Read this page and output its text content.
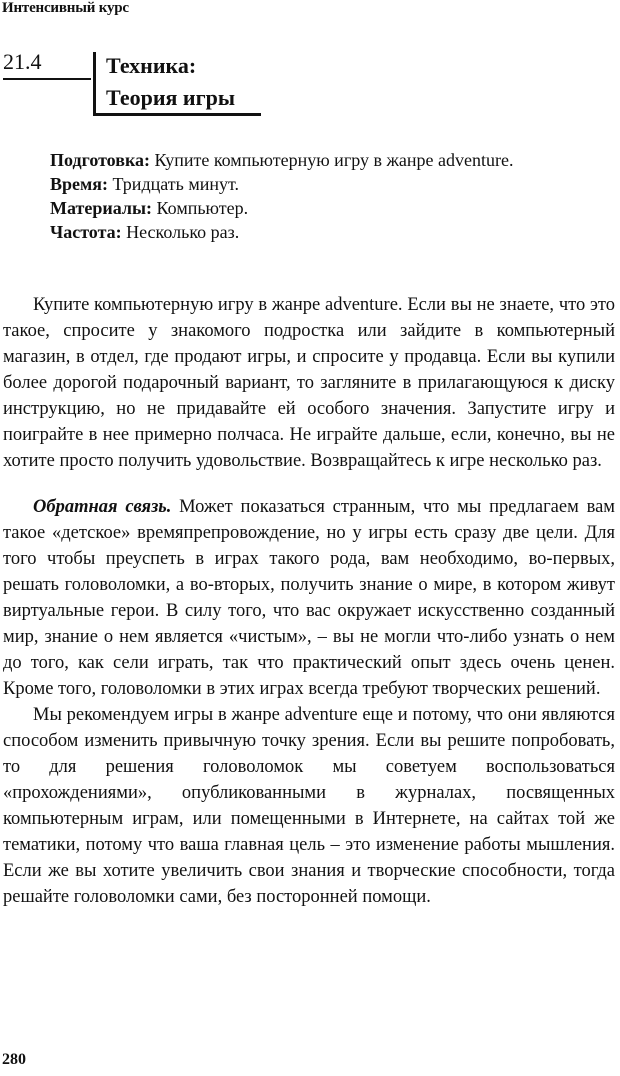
Интенсивный курс
21.4	Техника:
Теория игры
Подготовка: Купите компьютерную игру в жанре adventure.
Время: Тридцать минут.
Материалы: Компьютер.
Частота: Несколько раз.

Купите компьютерную игру в жанре adventure. Если вы не знаете, что это такое, спросите у знакомого подростка или зайдите в компьютерный магазин, в отдел, где продают игры, и спросите у продавца. Если вы купили более дорогой подарочный вариант, то загляните в прилагающуюся к диску инструкцию, но не придавайте ей особого значения. Запустите игру и поиграйте в нее примерно полчаса. Не играйте дальше, если, конечно, вы не хотите просто получить удовольствие. Возвращайтесь к игре несколько раз.

Обратная связь. Может показаться странным, что мы предлагаем вам такое «детское» времяпрепровождение, но у игры есть сразу две цели. Для того чтобы преуспеть в играх такого рода, вам необходимо, во-первых, решать головоломки, а во-вторых, получить знание о мире, в котором живут виртуальные герои. В силу того, что вас окружает искусственно созданный мир, знание о нем является «чистым», – вы не могли что-либо узнать о нем до того, как сели играть, так что практический опыт здесь очень ценен. Кроме того, головоломки в этих играх всегда требуют творческих решений.

Мы рекомендуем игры в жанре adventure еще и потому, что они являются способом изменить привычную точку зрения. Если вы решите попробовать, то для решения головоломок мы советуем воспользоваться «прохождениями», опубликованными в журналах, посвященных компьютерным играм, или помещенными в Интернете, на сайтах той же тематики, потому что ваша главная цель – это изменение работы мышления. Если же вы хотите увеличить свои знания и творческие способности, тогда решайте головоломки сами, без посторонней помощи.

280
